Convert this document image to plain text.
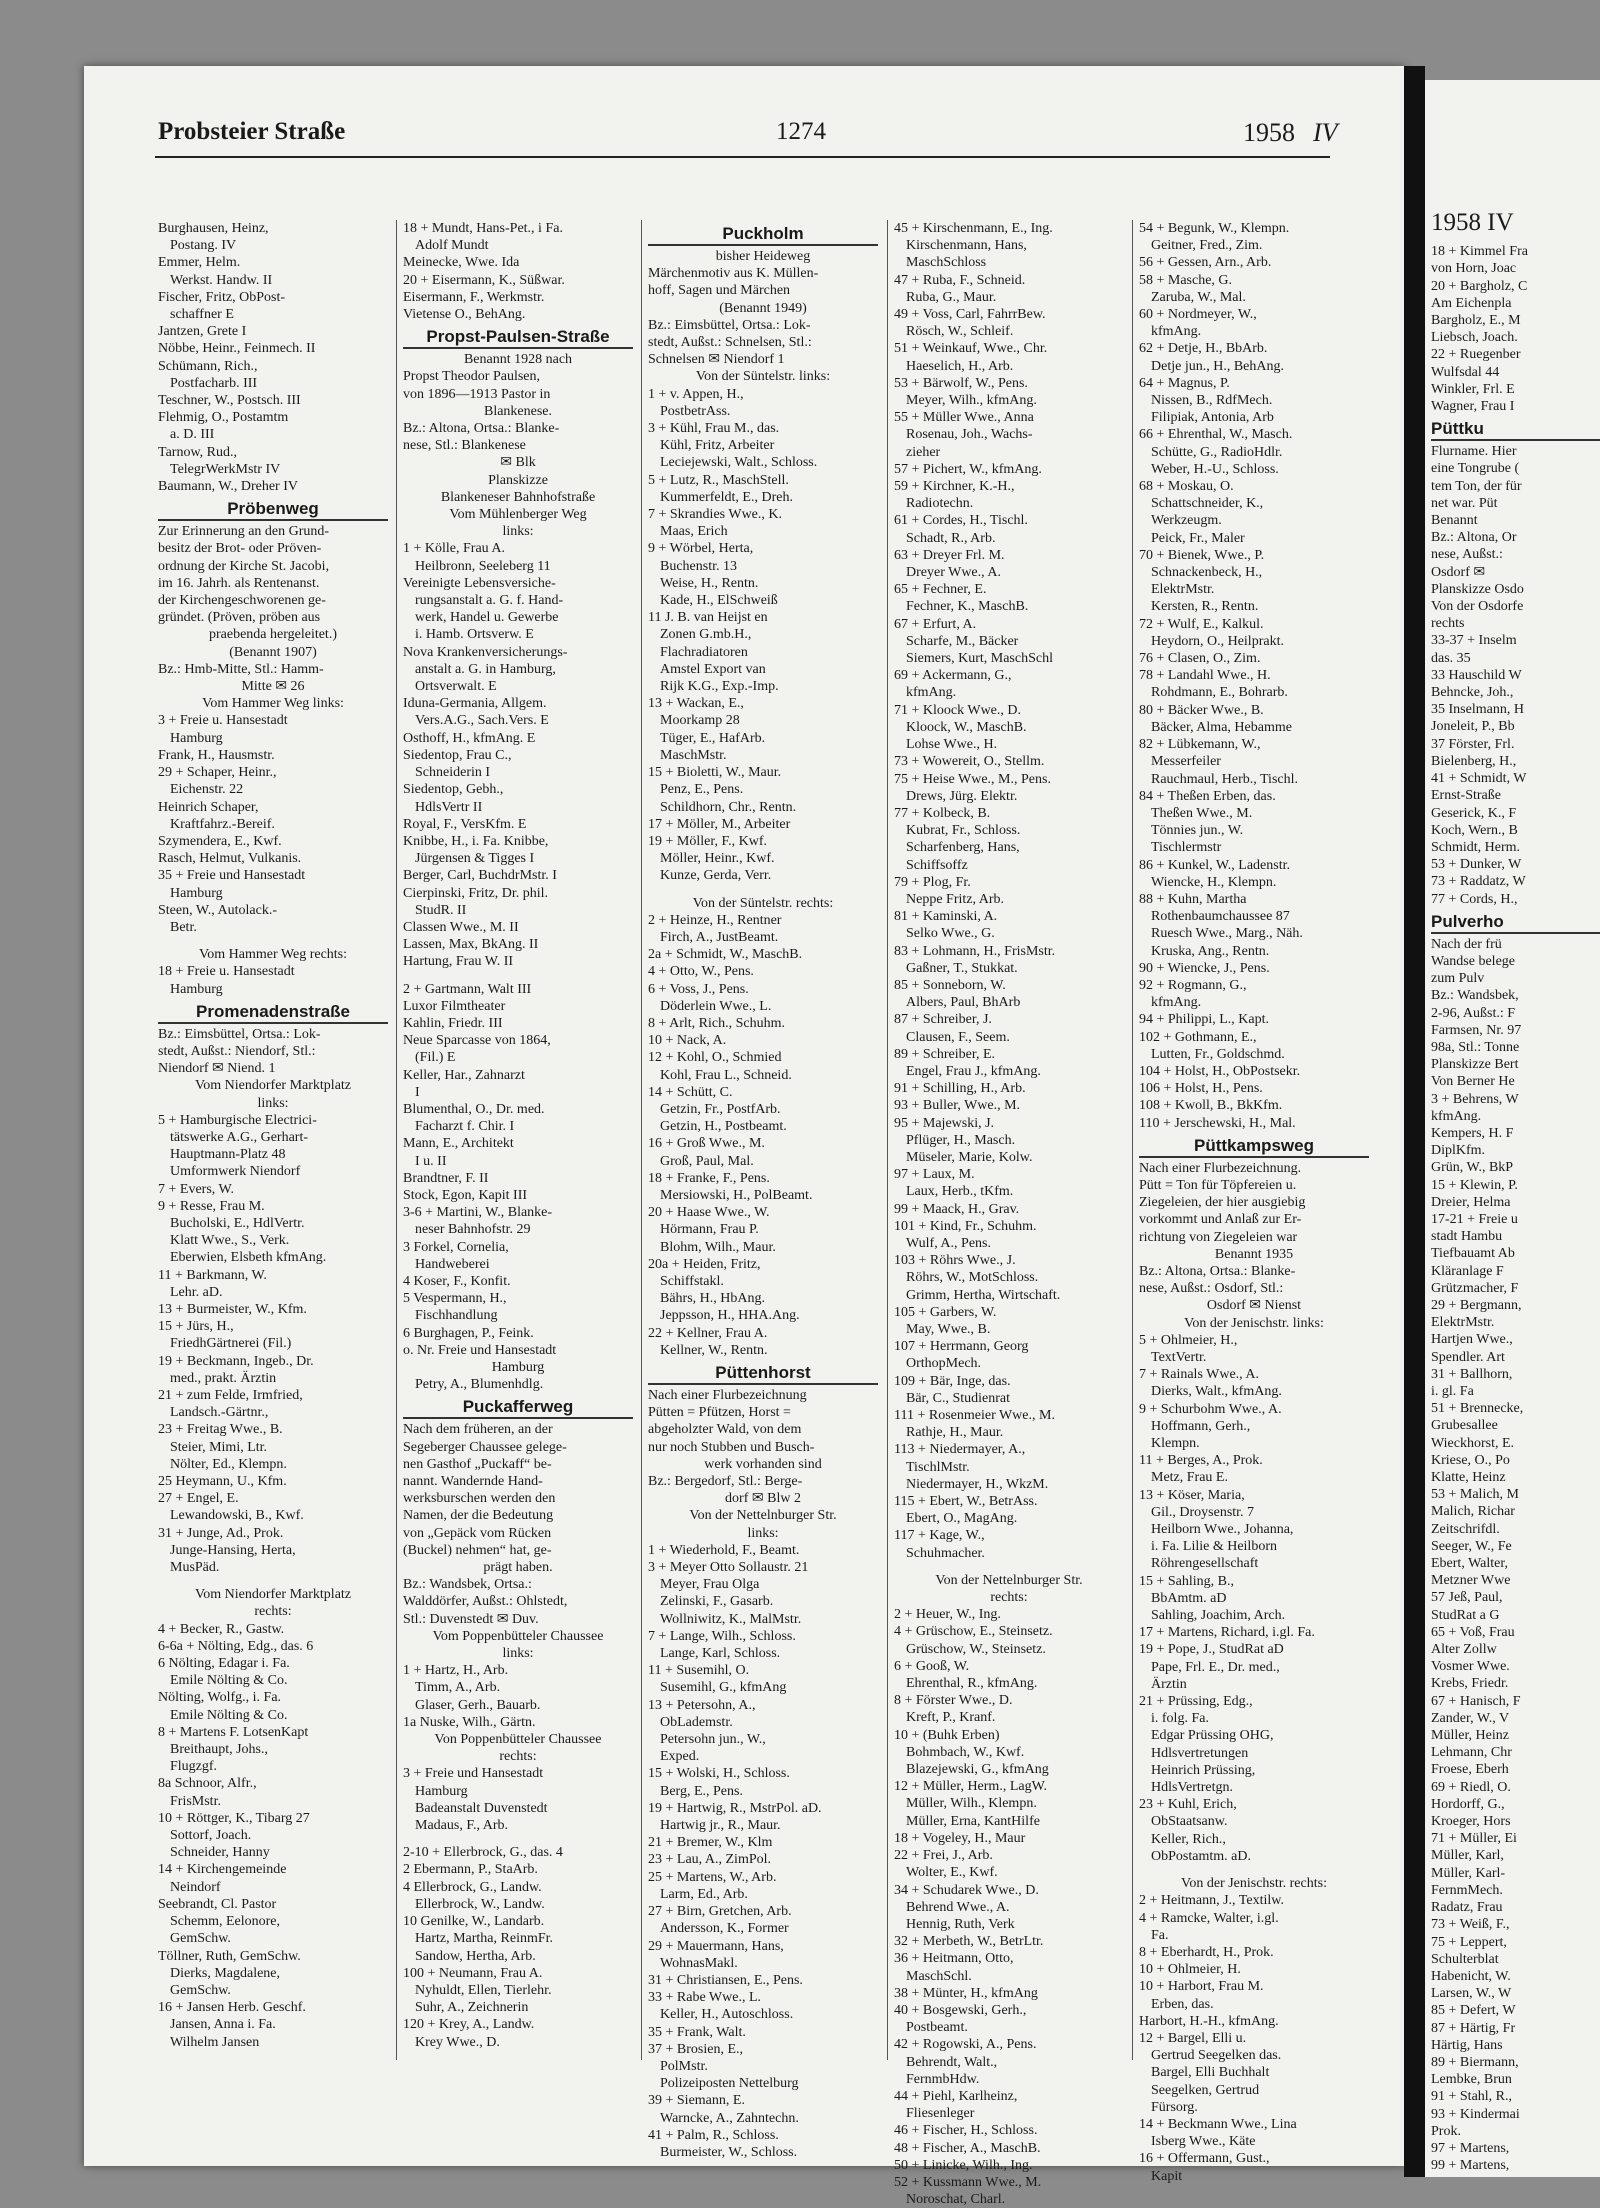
Probsteier Straße	1274	1958 IV
Burghausen, Heinz,
Postang. IV
Emmer, Helm.
Werkst. Handw. II
Fischer, Fritz, ObPost-
schaffner E
Jantzen, Grete I
Nöbbe, Heinr., Feinmech. II
Schümann, Rich.,
Postfacharb. III
Teschner, W., Postsch. III
Flehmig, O., Postamtm
a. D. III
Tarnow, Rud.,
TelegrWerkMstr IV
Baumann, W., Dreher IV
Pröbenweg
Zur Erinnerung an den Grund-
besitz der Brot- oder Pröven-
ordnung der Kirche St. Jacobi,
im 16. Jahrh. als Rentenanst.
der Kirchengeschworenen ge-
gründet. (Pröven, pröben aus
praebenda hergeleitet.)
(Benannt 1907)
Bz.: Hmb-Mitte, Stl.: Hamm-
Mitte ✉ 26
Vom Hammer Weg links:
3 + Freie u. Hansestadt
Hamburg
Frank, H., Hausmstr.
29 + Schaper, Heinr.,
Eichenstr. 22
Heinrich Schaper,
Kraftfahrz.-Bereif.
Szymendera, E., Kwf.
Rasch, Helmut, Vulkanis.
35 + Freie und Hansestadt
Hamburg
Steen, W., Autolack.-
Betr.
Vom Hammer Weg rechts:
18 + Freie u. Hansestadt
Hamburg
Promenadenstraße
Bz.: Eimsbüttel, Ortsa.: Lok-
stedt, Außst.: Niendorf, Stl.:
Niendorf ✉ Niend. 1
Vom Niendorfer Marktplatz
links:
5 + Hamburgische Electrici-
tätswerke A.G., Gerhart-
Hauptmann-Platz 48
Umformwerk Niendorf
7 + Evers, W.
9 + Resse, Frau M.
Bucholski, E., HdlVertr.
Klatt Wwe., S., Verk.
Eberwien, Elsbeth kfmAng.
11 + Barkmann, W.
Lehr. aD.
13 + Burmeister, W., Kfm.
15 + Jürs, H.,
FriedhGärtnerei (Fil.)
19 + Beckmann, Ingeb., Dr.
med., prakt. Ärztin
21 + zum Felde, Irmfried,
Landsch.-Gärtnr.,
23 + Freitag Wwe., B.
Steier, Mimi, Ltr.
Nölter, Ed., Klempn.
25 Heymann, U., Kfm.
27 + Engel, E.
Lewandowski, B., Kwf.
31 + Junge, Ad., Prok.
Junge-Hansing, Herta,
MusPäd.
Vom Niendorfer Marktplatz
rechts:
4 + Becker, R., Gastw.
6-6a + Nölting, Edg., das. 6
6 Nölting, Edagar i. Fa.
Emile Nölting & Co.
Nölting, Wolfg., i. Fa.
Emile Nölting & Co.
8 + Martens F. LotsenKapt
Breithaupt, Johs.,
Flugzgf.
8a Schnoor, Alfr.,
FrisMstr.
10 + Röttger, K., Tibarg 27
Sottorf, Joach.
Schneider, Hanny
14 + Kirchengemeinde
Neindorf
Seebrandt, Cl. Pastor
Schemm, Eelonore,
GemSchw.
Töllner, Ruth, GemSchw.
Dierks, Magdalene,
GemSchw.
16 + Jansen Herb. Geschf.
Jansen, Anna i. Fa.
Wilhelm Jansen
18 + Mundt, Hans-Pet., i Fa.
Adolf Mundt
Meinecke, Wwe. Ida
20 + Eisermann, K., Süßwar.
Eisermann, F., Werkmstr.
Vietense O., BehAng.
Propst-Paulsen-Straße
Benannt 1928 nach
Propst Theodor Paulsen,
von 1896—1913 Pastor in
Blankenese.
Bz.: Altona, Ortsa.: Blanke-
nese, Stl.: Blankenese
✉ Blk
Planskizze
Blankeneser Bahnhofstraße
Vom Mühlenberger Weg
links:
1 + Kölle, Frau A.
Heilbronn, Seeleberg 11
Vereinigte Lebensversiche-
rungsanstalt a. G. f. Hand-
werk, Handel u. Gewerbe
i. Hamb. Ortsverw. E
Nova Krankenversicherungs-
anstalt a. G. in Hamburg,
Ortsverwalt. E
Iduna-Germania, Allgem.
Vers.A.G., Sach.Vers. E
Osthoff, H., kfmAng. E
Siedentop, Frau C.,
Schneiderin I
Siedentop, Gebh.,
HdlsVertr II
Royal, F., VersKfm. E
Knibbe, H., i. Fa. Knibbe,
Jürgensen & Tigges I
Berger, Carl, BuchdrMstr. I
Cierpinski, Fritz, Dr. phil.
StudR. II
Classen Wwe., M. II
Lassen, Max, BkAng. II
Hartung, Frau W. II
2 + Gartmann, Walt III
Luxor Filmtheater
Kahlin, Friedr. III
Neue Sparcasse von 1864,
(Fil.) E
Keller, Har., Zahnarzt
I
Blumenthal, O., Dr. med.
Facharzt f. Chir. I
Mann, E., Architekt
I u. II
Brandtner, F. II
Stock, Egon, Kapit III
3-6 + Martini, W., Blanke-
neser Bahnhofstr. 29
3 Forkel, Cornelia,
Handweberei
4 Koser, F., Konfit.
5 Vespermann, H.,
Fischhandlung
6 Burghagen, P., Feink.
o. Nr. Freie und Hansestadt
Hamburg
Petry, A., Blumenhdlg.
Puckafferweg
Nach dem früheren, an der
Segeberger Chaussee gelege-
nen Gasthof „Puckaff“ be-
nannt. Wandernde Hand-
werksburschen werden den
Namen, der die Bedeutung
von „Gepäck vom Rücken
(Buckel) nehmen“ hat, ge-
prägt haben.
Bz.: Wandsbek, Ortsa.:
Walddörfer, Außst.: Ohlstedt,
Stl.: Duvenstedt ✉ Duv.
Vom Poppenbütteler Chaussee
links:
1 + Hartz, H., Arb.
Timm, A., Arb.
Glaser, Gerh., Bauarb.
1a Nuske, Wilh., Gärtn.
Von Poppenbütteler Chaussee
rechts:
3 + Freie und Hansestadt
Hamburg
Badeanstalt Duvenstedt
Madaus, F., Arb.
2-10 + Ellerbrock, G., das. 4
2 Ebermann, P., StaArb.
4 Ellerbrock, G., Landw.
Ellerbrock, W., Landw.
10 Genilke, W., Landarb.
Hartz, Martha, ReinmFr.
Sandow, Hertha, Arb.
100 + Neumann, Frau A.
Nyhuldt, Ellen, Tierlehr.
Suhr, A., Zeichnerin
120 + Krey, A., Landw.
Krey Wwe., D.
Puckholm
bisher Heideweg
Märchenmotiv aus K. Müllen-
hoff, Sagen und Märchen
(Benannt 1949)
Bz.: Eimsbüttel, Ortsa.: Lok-
stedt, Außst.: Schnelsen, Stl.:
Schnelsen ✉ Niendorf 1
Von der Süntelstr. links:
1 + v. Appen, H.,
PostbetrAss.
3 + Kühl, Frau M., das.
Kühl, Fritz, Arbeiter
Leciejewski, Walt., Schloss.
5 + Lutz, R., MaschStell.
Kummerfeldt, E., Dreh.
7 + Skrandies Wwe., K.
Maas, Erich
9 + Wörbel, Herta,
Buchenstr. 13
Weise, H., Rentn.
Kade, H., ElSchweiß
11 J. B. van Heijst en
Zonen G.mb.H.,
Flachradiatoren
Amstel Export van
Rijk K.G., Exp.-Imp.
13 + Wackan, E.,
Moorkamp 28
Tüger, E., HafArb.
MaschMstr.
15 + Bioletti, W., Maur.
Penz, E., Pens.
Schildhorn, Chr., Rentn.
17 + Möller, M., Arbeiter
19 + Möller, F., Kwf.
Möller, Heinr., Kwf.
Kunze, Gerda, Verr.
Von der Süntelstr. rechts:
2 + Heinze, H., Rentner
Firch, A., JustBeamt.
2a + Schmidt, W., MaschB.
4 + Otto, W., Pens.
6 + Voss, J., Pens.
Döderlein Wwe., L.
8 + Arlt, Rich., Schuhm.
10 + Nack, A.
12 + Kohl, O., Schmied
Kohl, Frau L., Schneid.
14 + Schütt, C.
Getzin, Fr., PostfArb.
Getzin, H., Postbeamt.
16 + Groß Wwe., M.
Groß, Paul, Mal.
18 + Franke, F., Pens.
Mersiowski, H., PolBeamt.
20 + Haase Wwe., W.
Hörmann, Frau P.
Blohm, Wilh., Maur.
20a + Heiden, Fritz,
Schiffstakl.
Bährs, H., HbAng.
Jeppsson, H., HHA.Ang.
22 + Kellner, Frau A.
Kellner, W., Rentn.
Püttenhorst
Nach einer Flurbezeichnung
Pütten = Pfützen, Horst =
abgeholzter Wald, von dem
nur noch Stubben und Busch-
werk vorhanden sind
Bz.: Bergedorf, Stl.: Berge-
dorf ✉ Blw 2
Von der Nettelnburger Str.
links:
1 + Wiederhold, F., Beamt.
3 + Meyer Otto Sollaustr. 21
Meyer, Frau Olga
Zelinski, F., Gasarb.
Wollniwitz, K., MalMstr.
7 + Lange, Wilh., Schloss.
Lange, Karl, Schloss.
11 + Susemihl, O.
Susemihl, G., kfmAng
13 + Petersohn, A.,
ObLademstr.
Petersohn jun., W.,
Exped.
15 + Wolski, H., Schloss.
Berg, E., Pens.
19 + Hartwig, R., MstrPol. aD.
Hartwig jr., R., Maur.
21 + Bremer, W., Klm
23 + Lau, A., ZimPol.
25 + Martens, W., Arb.
Larm, Ed., Arb.
27 + Birn, Gretchen, Arb.
Andersson, K., Former
29 + Mauermann, Hans,
WohnasMakl.
31 + Christiansen, E., Pens.
33 + Rabe Wwe., L.
Keller, H., Autoschloss.
35 + Frank, Walt.
37 + Brosien, E.,
PolMstr.
Polizeiposten Nettelburg
39 + Siemann, E.
Warncke, A., Zahntechn.
41 + Palm, R., Schloss.
Burmeister, W., Schloss.
45 + Kirschenmann, E., Ing.
Kirschenmann, Hans,
MaschSchloss
47 + Ruba, F., Schneid.
Ruba, G., Maur.
49 + Voss, Carl, FahrrBew.
Rösch, W., Schleif.
51 + Weinkauf, Wwe., Chr.
Haeselich, H., Arb.
53 + Bärwolf, W., Pens.
Meyer, Wilh., kfmAng.
55 + Müller Wwe., Anna
Rosenau, Joh., Wachs-
zieher
57 + Pichert, W., kfmAng.
59 + Kirchner, K.-H.,
Radiotechn.
61 + Cordes, H., Tischl.
Schadt, R., Arb.
63 + Dreyer Frl. M.
Dreyer Wwe., A.
65 + Fechner, E.
Fechner, K., MaschB.
67 + Erfurt, A.
Scharfe, M., Bäcker
Siemers, Kurt, MaschSchl
69 + Ackermann, G.,
kfmAng.
71 + Kloock Wwe., D.
Kloock, W., MaschB.
Lohse Wwe., H.
73 + Wowereit, O., Stellm.
75 + Heise Wwe., M., Pens.
Drews, Jürg. Elektr.
77 + Kolbeck, B.
Kubrat, Fr., Schloss.
Scharfenberg, Hans,
Schiffsoffz
79 + Plog, Fr.
Neppe Fritz, Arb.
81 + Kaminski, A.
Selko Wwe., G.
83 + Lohmann, H., FrisMstr.
Gaßner, T., Stukkat.
85 + Sonneborn, W.
Albers, Paul, BhArb
87 + Schreiber, J.
Clausen, F., Seem.
89 + Schreiber, E.
Engel, Frau J., kfmAng.
91 + Schilling, H., Arb.
93 + Buller, Wwe., M.
95 + Majewski, J.
Pflüger, H., Masch.
Müseler, Marie, Kolw.
97 + Laux, M.
Laux, Herb., tKfm.
99 + Maack, H., Grav.
101 + Kind, Fr., Schuhm.
Wulf, A., Pens.
103 + Röhrs Wwe., J.
Röhrs, W., MotSchloss.
Grimm, Hertha, Wirtschaft.
105 + Garbers, W.
May, Wwe., B.
107 + Herrmann, Georg
OrthopMech.
109 + Bär, Inge, das.
Bär, C., Studienrat
111 + Rosenmeier Wwe., M.
Rathje, H., Maur.
113 + Niedermayer, A.,
TischlMstr.
Niedermayer, H., WkzM.
115 + Ebert, W., BetrAss.
Ebert, O., MagAng.
117 + Kage, W.,
Schuhmacher.
Von der Nettelnburger Str.
rechts:
2 + Heuer, W., Ing.
4 + Grüschow, E., Steinsetz.
Grüschow, W., Steinsetz.
6 + Gooß, W.
Ehrenthal, R., kfmAng.
8 + Förster Wwe., D.
Kreft, P., Kranf.
10 + (Buhk Erben)
Bohmbach, W., Kwf.
Blazejewski, G., kfmAng
12 + Müller, Herm., LagW.
Müller, Wilh., Klempn.
Müller, Erna, KantHilfe
18 + Vogeley, H., Maur
22 + Frei, J., Arb.
Wolter, E., Kwf.
34 + Schudarek Wwe., D.
Behrend Wwe., A.
Hennig, Ruth, Verk
32 + Merbeth, W., BetrLtr.
36 + Heitmann, Otto,
MaschSchl.
38 + Münter, H., kfmAng
40 + Bosgewski, Gerh.,
Postbeamt.
42 + Rogowski, A., Pens.
Behrendt, Walt.,
FernmbHdw.
44 + Piehl, Karlheinz,
Fliesenleger
46 + Fischer, H., Schloss.
48 + Fischer, A., MaschB.
50 + Linicke, Wilh., Ing.
52 + Kussmann Wwe., M.
Noroschat, Charl.
54 + Begunk, W., Klempn.
Geitner, Fred., Zim.
56 + Gessen, Arn., Arb.
58 + Masche, G.
Zaruba, W., Mal.
60 + Nordmeyer, W.,
kfmAng.
62 + Detje, H., BbArb.
Detje jun., H., BehAng.
64 + Magnus, P.
Nissen, B., RdfMech.
Filipiak, Antonia, Arb
66 + Ehrenthal, W., Masch.
Schütte, G., RadioHdlr.
Weber, H.-U., Schloss.
68 + Moskau, O.
Schattschneider, K.,
Werkzeugm.
Peick, Fr., Maler
70 + Bienek, Wwe., P.
Schnackenbeck, H.,
ElektrMstr.
Kersten, R., Rentn.
72 + Wulf, E., Kalkul.
Heydorn, O., Heilprakt.
76 + Clasen, O., Zim.
78 + Landahl Wwe., H.
Rohdmann, E., Bohrarb.
80 + Bäcker Wwe., B.
Bäcker, Alma, Hebamme
82 + Lübkemann, W.,
Messerfeiler
Rauchmaul, Herb., Tischl.
84 + Theßen Erben, das.
Theßen Wwe., M.
Tönnies jun., W.
Tischlermstr
86 + Kunkel, W., Ladenstr.
Wiencke, H., Klempn.
88 + Kuhn, Martha
Rothenbaumchaussee 87
Ruesch Wwe., Marg., Näh.
Kruska, Ang., Rentn.
90 + Wiencke, J., Pens.
92 + Rogmann, G.,
kfmAng.
94 + Philippi, L., Kapt.
102 + Gothmann, E.,
Lutten, Fr., Goldschmd.
104 + Holst, H., ObPostsekr.
106 + Holst, H., Pens.
108 + Kwoll, B., BkKfm.
110 + Jerschewski, H., Mal.
Püttkampsweg
Nach einer Flurbezeichnung.
Pütt = Ton für Töpfereien u.
Ziegeleien, der hier ausgiebig
vorkommt und Anlaß zur Er-
richtung von Ziegeleien war
Benannt 1935
Bz.: Altona, Ortsa.: Blanke-
nese, Außst.: Osdorf, Stl.:
Osdorf ✉ Nienst
Von der Jenischstr. links:
5 + Ohlmeier, H.,
TextVertr.
7 + Rainals Wwe., A.
Dierks, Walt., kfmAng.
9 + Schurbohm Wwe., A.
Hoffmann, Gerh.,
Klempn.
11 + Berges, A., Prok.
Metz, Frau E.
13 + Köser, Maria,
Gil., Droysenstr. 7
Heilborn Wwe., Johanna,
i. Fa. Lilie & Heilborn
Röhrengesellschaft
15 + Sahling, B.,
BbAmtm. aD
Sahling, Joachim, Arch.
17 + Martens, Richard, i.gl. Fa.
19 + Pope, J., StudRat aD
Pape, Frl. E., Dr. med.,
Ärztin
21 + Prüssing, Edg.,
i. folg. Fa.
Edgar Prüssing OHG,
Hdlsvertretungen
Heinrich Prüssing,
HdlsVertretgn.
23 + Kuhl, Erich,
ObStaatsanw.
Keller, Rich.,
ObPostamtm. aD.
Von der Jenischstr. rechts:
2 + Heitmann, J., Textilw.
4 + Ramcke, Walter, i.gl.
Fa.
8 + Eberhardt, H., Prok.
10 + Ohlmeier, H.
10 + Harbort, Frau M.
Erben, das.
Harbort, H.-H., kfmAng.
12 + Bargel, Elli u.
Gertrud Seegelken das.
Bargel, Elli Buchhalt
Seegelken, Gertrud
Fürsorg.
14 + Beckmann Wwe., Lina
Isberg Wwe., Käte
16 + Offermann, Gust.,
Kapit
1958 IV
18 + Kimmel Fra
von Horn, Joac
20 + Bargholz, C
Am Eichenpla
Bargholz, E., M
Liebsch, Joach.
22 + Ruegenber
Wulfsdal 44
Winkler, Frl. E
Wagner, Frau I
Püttku
Flurname. Hier
eine Tongrube (
tem Ton, der für
net war. Püt
Benannt
Bz.: Altona, Or
nese, Außst.:
Osdorf ✉
Planskizze Osdo
Von der Osdorfe
rechts
33-37 + Inselm
das. 35
33 Hauschild W
Behncke, Joh.,
35 Inselmann, H
Joneleit, P., Bb
37 Förster, Frl.
Bielenberg, H.,
41 + Schmidt, W
Ernst-Straße
Geserick, K., F
Koch, Wern., B
Schmidt, Herm.
53 + Dunker, W
73 + Raddatz, W
77 + Cords, H.,
Pulverho
Nach der frü
Wandse belege
zum Pulv
Bz.: Wandsbek,
2-96, Außst.: F
Farmsen, Nr. 97
98a, Stl.: Tonne
Planskizze Bert
Von Berner He
3 + Behrens, W
kfmAng.
Kempers, H. F
DiplKfm.
Grün, W., BkP
15 + Klewin, P.
Dreier, Helma
17-21 + Freie u
stadt Hambu
Tiefbauamt Ab
Kläranlage F
Grützmacher, F
29 + Bergmann,
ElektrMstr.
Hartjen Wwe.,
Spendler. Art
31 + Ballhorn,
i. gl. Fa
51 + Brennecke,
Grubesallee
Wieckhorst, E.
Kriese, O., Po
Klatte, Heinz
53 + Malich, M
Malich, Richar
Zeitschrifdl.
Seeger, W., Fe
Ebert, Walter,
Metzner Wwe
57 Jeß, Paul,
StudRat a G
65 + Voß, Frau
Alter Zollw
Vosmer Wwe.
Krebs, Friedr.
67 + Hanisch, F
Zander, W., V
Müller, Heinz
Lehmann, Chr
Froese, Eberh
69 + Riedl, O.
Hordorff, G.,
Kroeger, Hors
71 + Müller, Ei
Müller, Karl,
Müller, Karl-
FernmMech.
Radatz, Frau
73 + Weiß, F.,
75 + Leppert,
Schulterblat
Habenicht, W.
Larsen, W., W
85 + Defert, W
87 + Härtig, Fr
Härtig, Hans
89 + Biermann,
Lembke, Brun
91 + Stahl, R.,
93 + Kindermai
Prok.
97 + Martens,
99 + Martens,
